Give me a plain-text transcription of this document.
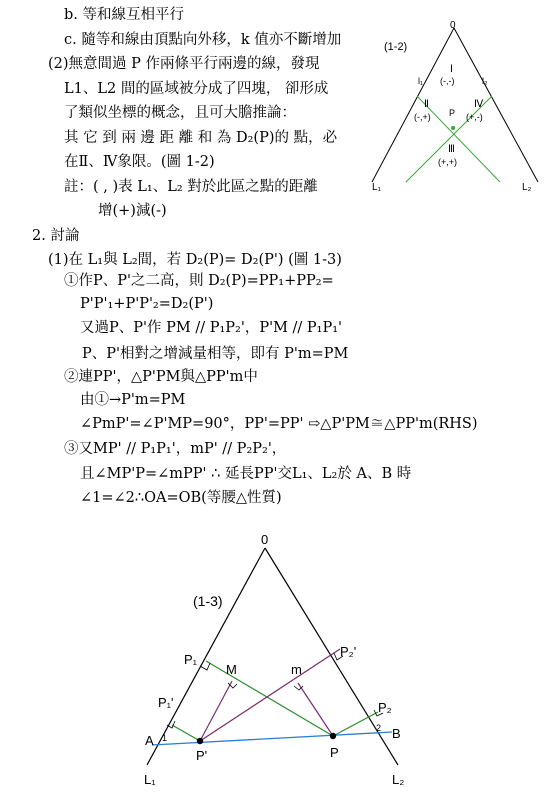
b. 等和線互相平行
c. 隨等和線由頂點向外移，k 值亦不斷增加
(2)無意間過 P 作兩條平行兩邊的線，發現
L1、L2 間的區域被分成了四塊， 卻形成
了類似坐標的概念，且可大膽推論：
其 它 到 兩 邊 距 離 和 為 D₂(P)的 點，必
在Ⅱ、Ⅳ象限。(圖 1-2)
註：( , )表 L₁、L₂ 對於此區之點的距離
增(+)減(-)
2. 討論
(1)在 L₁與 L₂間，若 D₂(P)= D₂(P') (圖 1-3)
①作P、P'之二高，則 D₂(P)=PP₁+PP₂=
P'P'₁+P'P'₂=D₂(P')
又過P、P'作 PM // P₁P₂'，P'M // P₁P₁'
P、P'相對之增減量相等，即有 P'm=PM
②連PP'，△P'PM與△PP'm中
由①→P'm=PM
∠PmP'=∠P'MP=90°，PP'=PP' ⇨△P'PM≅△PP'm(RHS)
③又MP' // P₁P₁'，mP' // P₂P₂'，
且∠MP'P=∠mPP' ∴ 延長PP'交L₁、L₂於 A、B 時
∠1=∠2∴OA=OB(等腰△性質)
0
(1-2)
l₁	l₂
Ⅰ
(-,-)
Ⅱ
(-,+) P
Ⅳ
(+,-)
Ⅲ
(+,+)
L₁	L₂
0
(1-3)
P₁
M	m
P₂'
P₁'	P₂
A 1
2 B
P'	P
L₁	L₂
